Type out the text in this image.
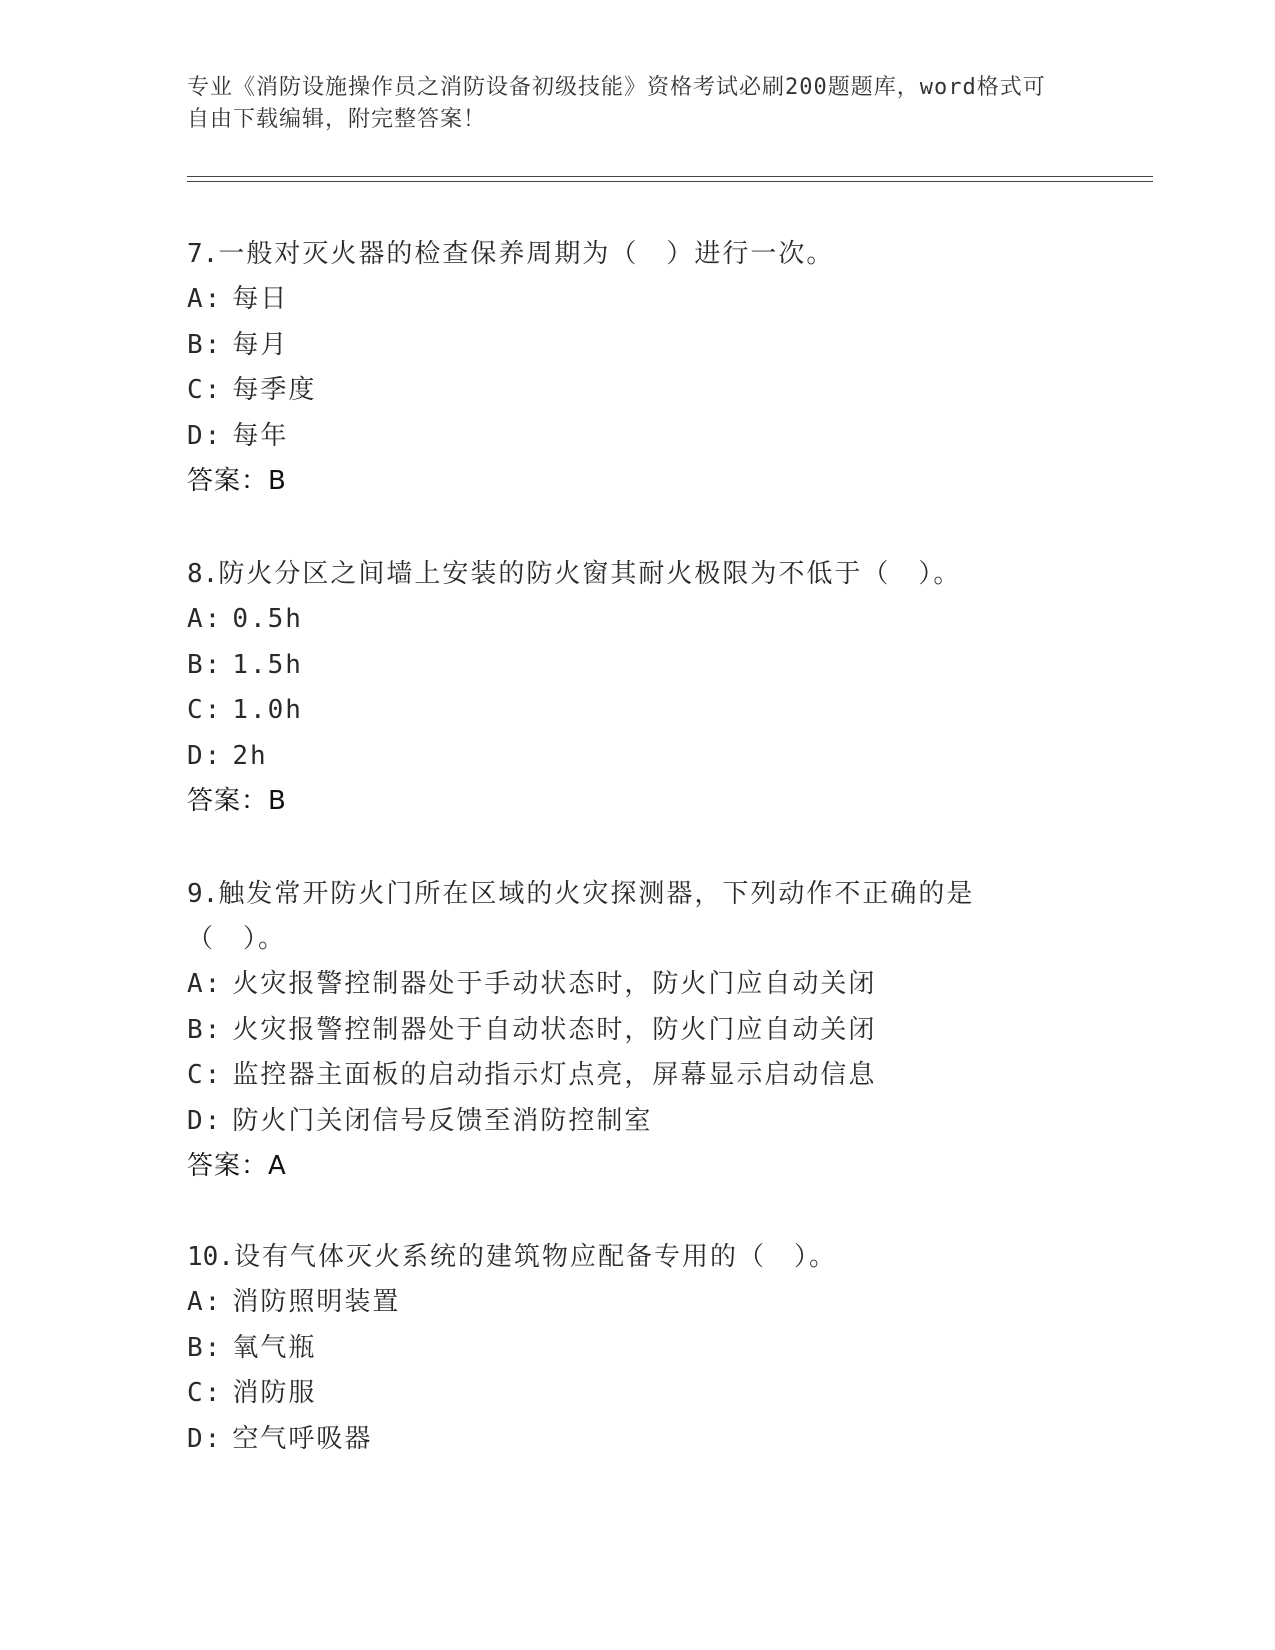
专业《消防设施操作员之消防设备初级技能》资格考试必刷200题题库，word格式可自由下载编辑，附完整答案！

7.一般对灭火器的检查保养周期为（　）进行一次。

A: 每日

B: 每月

C: 每季度

D: 每年

答案：B

8.防火分区之间墙上安装的防火窗其耐火极限为不低于（　）。

A: 0.5h

B: 1.5h

C: 1.0h

D: 2h

答案：B

9.触发常开防火门所在区域的火灾探测器，下列动作不正确的是（　）。

A: 火灾报警控制器处于手动状态时，防火门应自动关闭

B: 火灾报警控制器处于自动状态时，防火门应自动关闭

C: 监控器主面板的启动指示灯点亮，屏幕显示启动信息

D: 防火门关闭信号反馈至消防控制室

答案：A

10.设有气体灭火系统的建筑物应配备专用的（　）。

A: 消防照明装置

B: 氧气瓶

C: 消防服

D: 空气呼吸器
